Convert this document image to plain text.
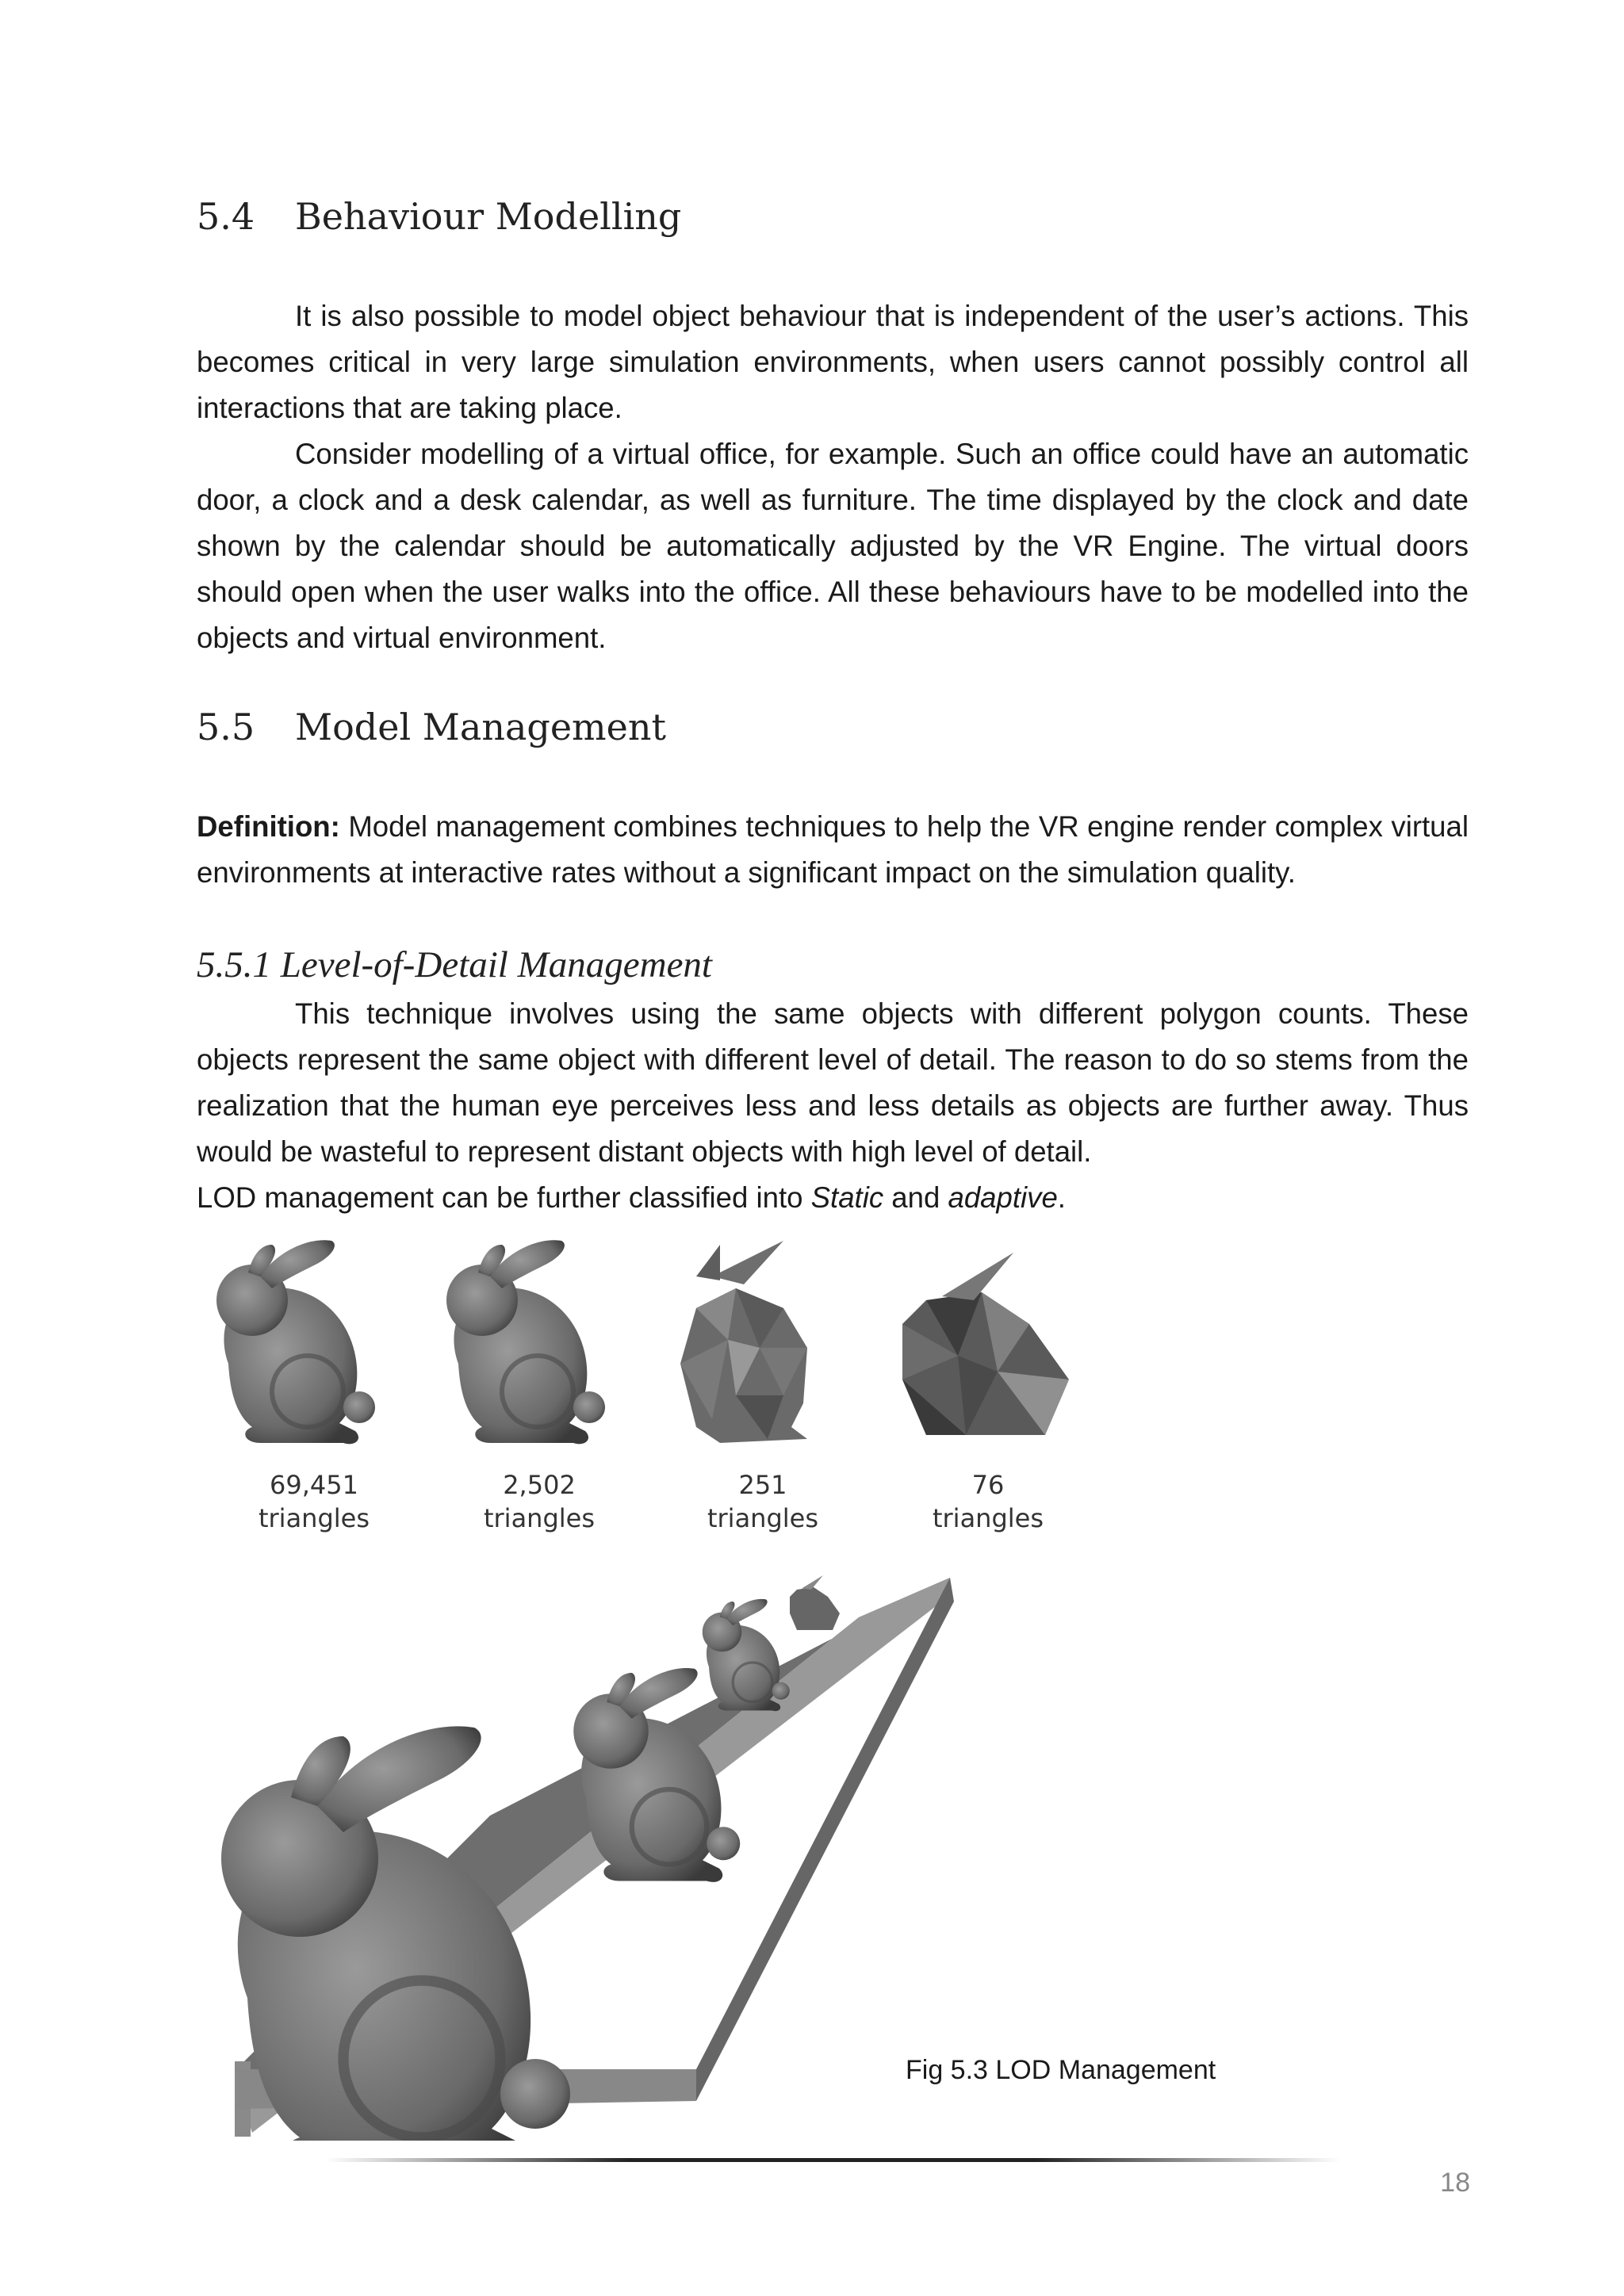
5.4 Behaviour Modelling
It is also possible to model object behaviour that is independent of the user’s actions. This becomes critical in very large simulation environments, when users cannot possibly control all interactions that are taking place.
Consider modelling of a virtual office, for example. Such an office could have an automatic door, a clock and a desk calendar, as well as furniture. The time displayed by the clock and date shown by the calendar should be automatically adjusted by the VR Engine. The virtual doors should open when the user walks into the office. All these behaviours have to be modelled into the objects and virtual environment.
5.5 Model Management
Definition: Model management combines techniques to help the VR engine render complex virtual environments at interactive rates without a significant impact on the simulation quality.
5.5.1 Level-of-Detail Management
This technique involves using the same objects with different polygon counts. These objects represent the same object with different level of detail. The reason to do so stems from the realization that the human eye perceives less and less details as objects are further away. Thus would be wasteful to represent distant objects with high level of detail.
LOD management can be further classified into Static and adaptive.
69,451
triangles
2,502
triangles
251
triangles
76
triangles
Fig 5.3 LOD Management
18
